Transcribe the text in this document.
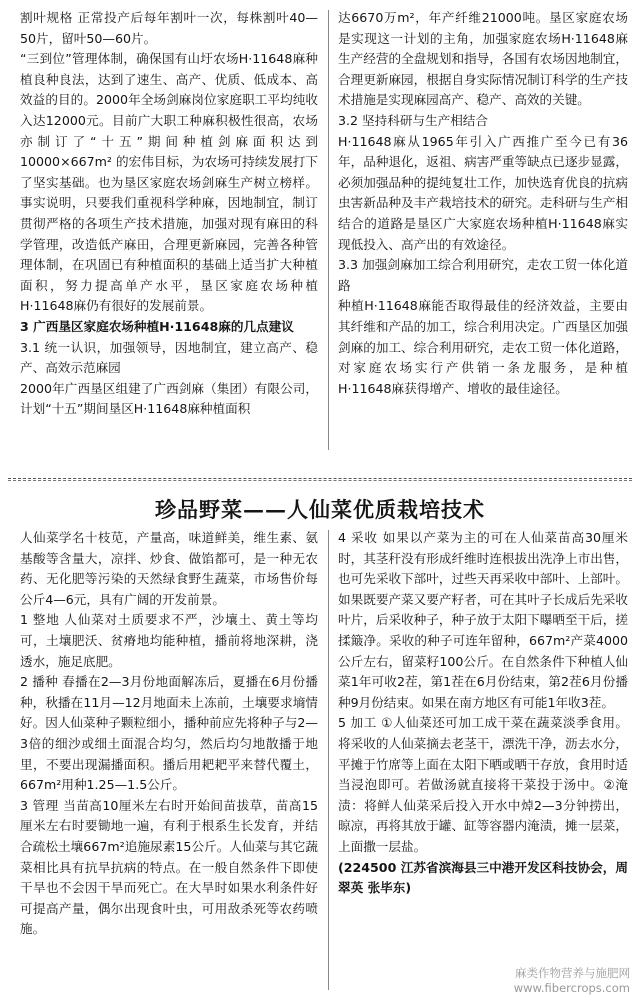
割叶规格 正常投产后每年割叶一次，每株割叶40—50片，留叶50—60片。

“三到位”管理体制，确保国有山圩农场H·11648麻种植良种良法，达到了速生、高产、优质、低成本、高效益的目的。2000年全场剑麻岗位家庭职工平均纯收入达12000元。目前广大职工种麻积极性很高，农场亦制订了“十五”期间种植剑麻面积达到10000×667m² 的宏伟目标，为农场可持续发展打下了坚实基础。也为垦区家庭农场剑麻生产树立榜样。事实说明，只要我们重视科学种麻，因地制宜，制订贯彻严格的各项生产技术措施，加强对现有麻田的科学管理，改造低产麻田，合理更新麻园，完善各种管理体制，在巩固已有种植面积的基础上适当扩大种植面积，努力提高单产水平，垦区家庭农场种植H·11648麻仍有很好的发展前景。

3 广西垦区家庭农场种植H·11648麻的几点建议

3.1 统一认识，加强领导，因地制宜，建立高产、稳产、高效示范麻园

2000年广西垦区组建了广西剑麻（集团）有限公司，计划“十五”期间垦区H·11648麻种植面积

达6670万m²，年产纤维21000吨。垦区家庭农场是实现这一计划的主角，加强家庭农场H·11648麻生产经营的全盘规划和指导，各国有农场因地制宜，合理更新麻园，根据自身实际情况制订科学的生产技术措施是实现麻园高产、稳产、高效的关键。

3.2 坚持科研与生产相结合

H·11648麻从1965年引入广西推广至今已有36年，品种退化，返祖、病害严重等缺点已逐步显露，必须加强品种的提纯复壮工作，加快选育优良的抗病虫害新品种及丰产栽培技术的研究。走科研与生产相结合的道路是垦区广大家庭农场种植H·11648麻实现低投入、高产出的有效途径。

3.3 加强剑麻加工综合利用研究，走农工贸一体化道路

种植H·11648麻能否取得最佳的经济效益，主要由其纤维和产品的加工，综合利用决定。广西垦区加强剑麻的加工、综合利用研究，走农工贸一体化道路，对家庭农场实行产供销一条龙服务，是种植H·11648麻获得增产、增收的最佳途径。

珍品野菜——人仙菜优质栽培技术

人仙菜学名十枝苋，产量高，味道鲜美，维生素、氨基酸等含量大，凉拌、炒食、做馅都可，是一种无农药、无化肥等污染的天然绿食野生蔬菜，市场售价每公斤4—6元，具有广阔的开发前景。

1 整地 人仙菜对土质要求不严，沙壤土、黄土等均可，土壤肥沃、贫瘠地均能种植，播前将地深耕，浇透水，施足底肥。

2 播种 春播在2—3月份地面解冻后，夏播在6月份播种，秋播在11月—12月地面未上冻前，土壤要求墒情好。因人仙菜种子颗粒细小，播种前应先将种子与2—3倍的细沙或细土面混合均匀，然后均匀地散播于地里，不要出现漏播面积。播后用耙耙平来替代覆土，667m²用种1.25—1.5公斤。

3 管理 当苗高10厘米左右时开始间苗拔草，苗高15厘米左右时要锄地一遍，有利于根系生长发育，并结合疏松土壤667m²追施尿素15公斤。人仙菜与其它蔬菜相比具有抗旱抗病的特点。在一般自然条件下即使干旱也不会因干旱而死亡。在大旱时如果水利条件好可提高产量，偶尔出现食叶虫，可用敌杀死等农药喷施。

4 采收 如果以产菜为主的可在人仙菜苗高30厘米时，其茎秆没有形成纤维时连根拔出洗净上市出售，也可先采收下部叶，过些天再采收中部叶、上部叶。如果既要产菜又要产籽者，可在其叶子长成后先采收叶片，后采收种子，种子放于太阳下曝晒至干后，搓揉簸净。采收的种子可连年留种，667m²产菜4000公斤左右，留菜籽100公斤。在自然条件下种植人仙菜1年可收2茬，第1茬在6月份结束，第2茬6月份播种9月份结束。如果在南方地区有可能1年收3茬。

5 加工 ①人仙菜还可加工成干菜在蔬菜淡季食用。将采收的人仙菜摘去老茎干，漂洗干净，沥去水分，平摊于竹席等上面在太阳下晒或晒干存放，食用时适当浸泡即可。若做汤就直接将干菜投于汤中。②淹渍：将鲜人仙菜采后投入开水中焯2—3分钟捞出，晾凉，再将其放于罐、缸等容器内淹渍，摊一层菜，上面撒一层盐。

(224500 江苏省滨海县三中港开发区科技协会，周翠英 张毕东)

麻类作物营养与施肥网
www.fibercrops.com
